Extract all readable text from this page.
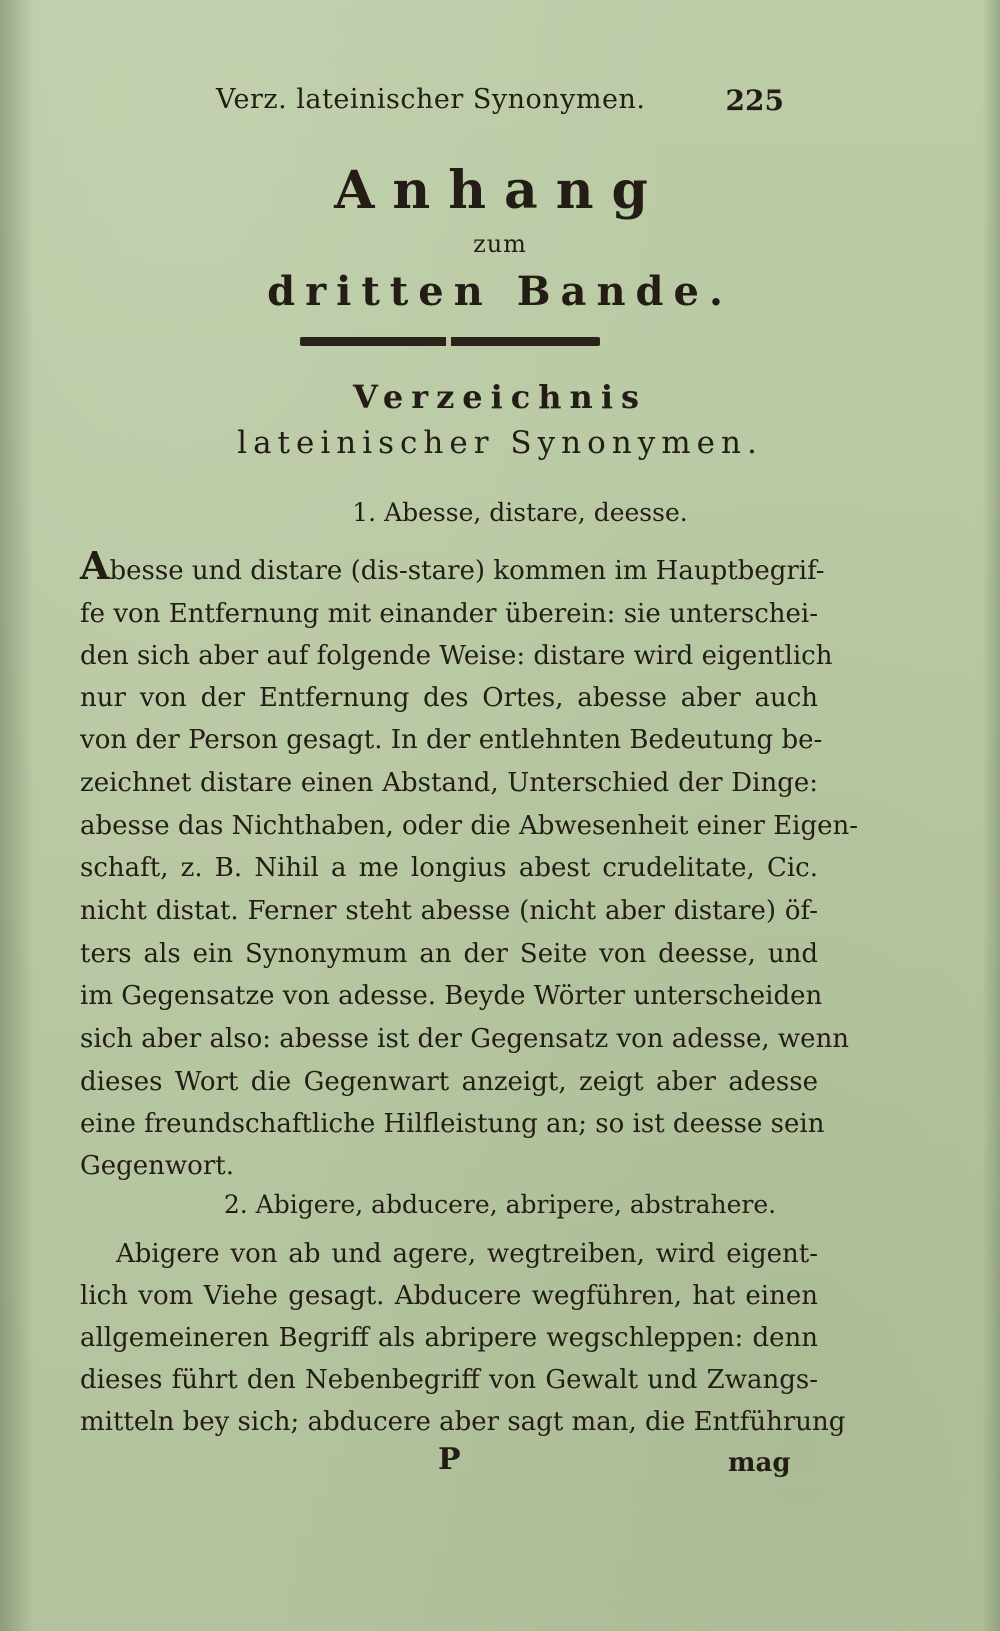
Verz. lateinischer Synonymen.	225
Anhang
zum
dritten Bande.
Verzeichnis
lateinischer Synonymen.
1. Abesse, distare, deesse.
Abesse und distare (dis-stare) kommen im Hauptbegrif-
fe von Entfernung mit einander überein: sie unterschei-
den sich aber auf folgende Weise: distare wird eigentlich
nur von der Entfernung des Ortes, abesse aber auch
von der Person gesagt. In der entlehnten Bedeutung be-
zeichnet distare einen Abstand, Unterschied der Dinge:
abesse das Nichthaben, oder die Abwesenheit einer Eigen-
schaft, z. B. Nihil a me longius abest crudelitate, Cic.
nicht distat. Ferner steht abesse (nicht aber distare) öf-
ters als ein Synonymum an der Seite von deesse, und
im Gegensatze von adesse. Beyde Wörter unterscheiden
sich aber also: abesse ist der Gegensatz von adesse, wenn
dieses Wort die Gegenwart anzeigt, zeigt aber adesse
eine freundschaftliche Hilfleistung an; so ist deesse sein
Gegenwort.
2. Abigere, abducere, abripere, abstrahere.
Abigere von ab und agere, wegtreiben, wird eigent-
lich vom Viehe gesagt. Abducere wegführen, hat einen
allgemeineren Begriff als abripere wegschleppen: denn
dieses führt den Nebenbegriff von Gewalt und Zwangs-
mitteln bey sich; abducere aber sagt man, die Entführung
P	mag
